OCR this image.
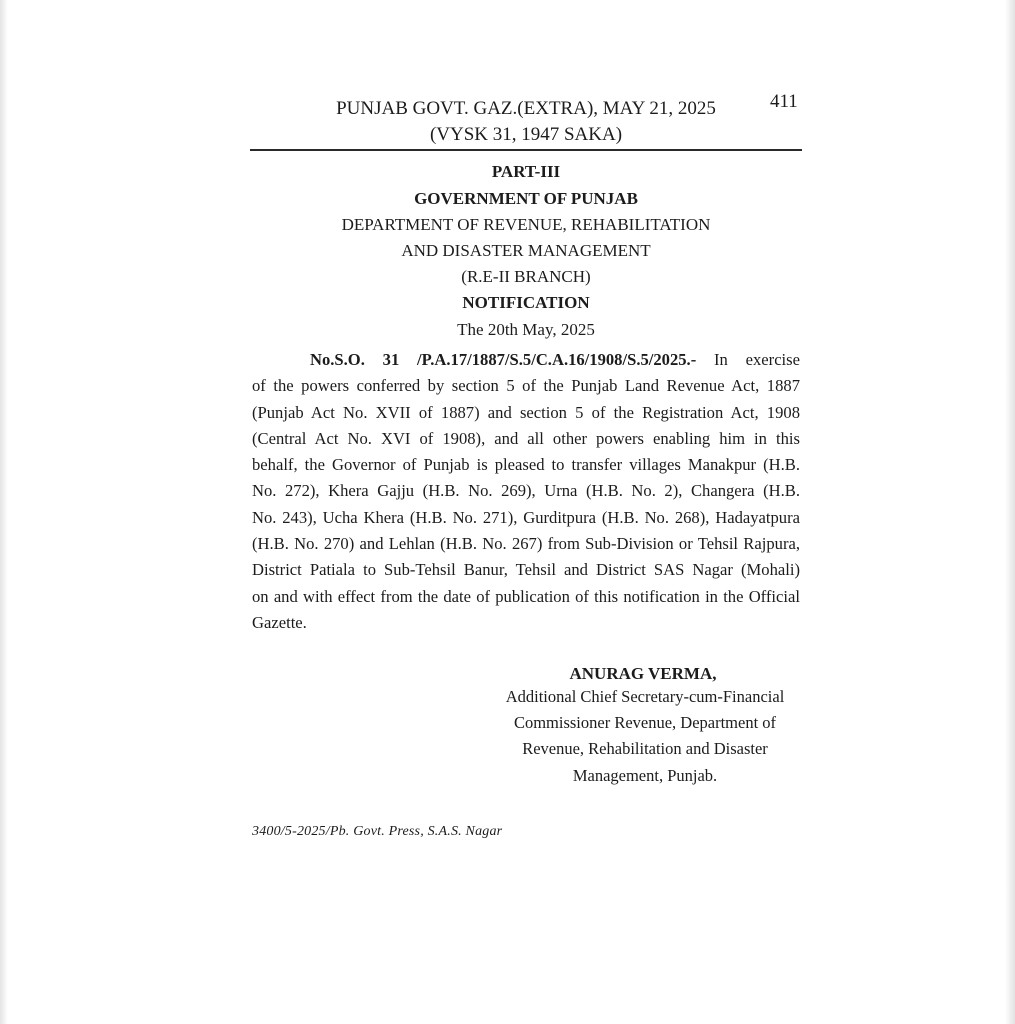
PUNJAB GOVT. GAZ.(EXTRA), MAY 21, 2025
(VYSK 31, 1947 SAKA)
411
PART-III
GOVERNMENT OF PUNJAB
DEPARTMENT OF REVENUE, REHABILITATION
AND DISASTER MANAGEMENT
(R.E-II BRANCH)
NOTIFICATION
The 20th May, 2025
No.S.O. 31 /P.A.17/1887/S.5/C.A.16/1908/S.5/2025.- In exercise
of the powers conferred by section 5 of the Punjab Land Revenue Act, 1887
(Punjab Act No. XVII of 1887) and section 5 of the Registration Act, 1908
(Central Act No. XVI of 1908), and all other powers enabling him in this
behalf, the Governor of Punjab is pleased to transfer villages Manakpur (H.B.
No. 272), Khera Gajju (H.B. No. 269), Urna (H.B. No. 2), Changera (H.B.
No. 243), Ucha Khera (H.B. No. 271), Gurditpura (H.B. No. 268), Hadayatpura
(H.B. No. 270) and Lehlan (H.B. No. 267) from Sub-Division or Tehsil Rajpura,
District Patiala to Sub-Tehsil Banur, Tehsil and District SAS Nagar (Mohali)
on and with effect from the date of publication of this notification in the Official
Gazette.
ANURAG VERMA,
Additional Chief Secretary-cum-Financial
Commissioner Revenue, Department of
Revenue, Rehabilitation and Disaster
Management, Punjab.
3400/5-2025/Pb. Govt. Press, S.A.S. Nagar
